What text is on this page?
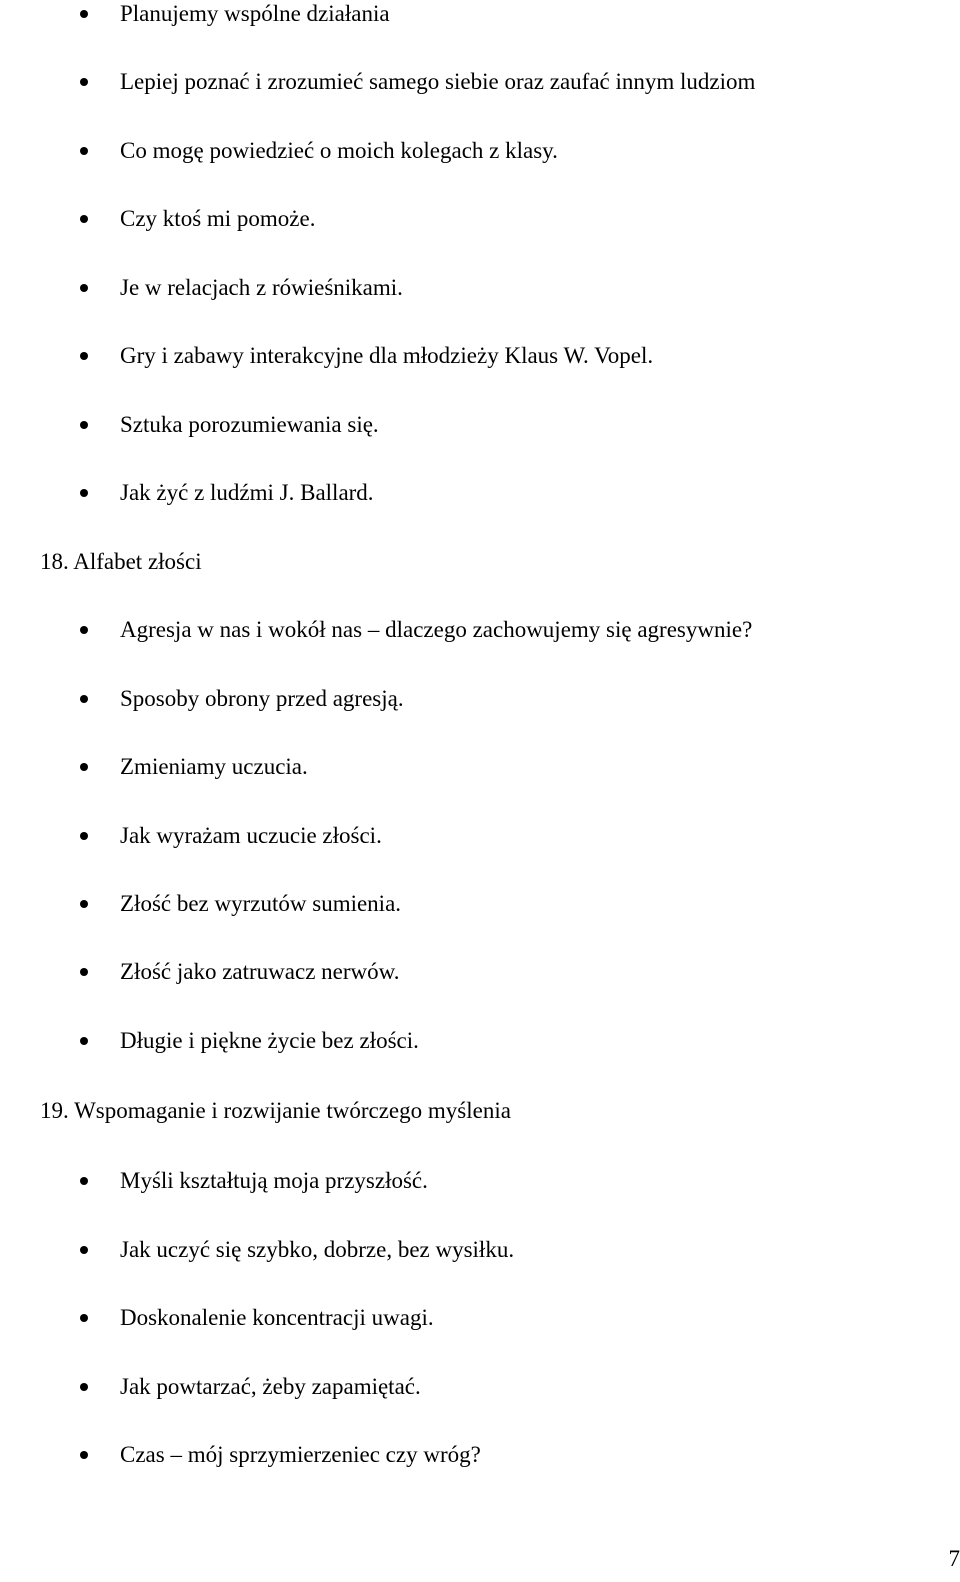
Planujemy wspólne działania
Lepiej poznać i zrozumieć samego siebie oraz zaufać innym ludziom
Co mogę powiedzieć o moich kolegach z klasy.
Czy ktoś mi pomoże.
Je w relacjach z rówieśnikami.
Gry i zabawy interakcyjne dla młodzieży Klaus W. Vopel.
Sztuka porozumiewania się.
Jak żyć z ludźmi J. Ballard.
18. Alfabet złości
Agresja w nas i wokół nas – dlaczego zachowujemy się agresywnie?
Sposoby obrony przed agresją.
Zmieniamy uczucia.
Jak wyrażam uczucie złości.
Złość bez wyrzutów sumienia.
Złość jako zatruwacz nerwów.
Długie i piękne życie bez złości.
19. Wspomaganie i rozwijanie twórczego myślenia
Myśli kształtują moja przyszłość.
Jak uczyć się szybko, dobrze, bez wysiłku.
Doskonalenie koncentracji uwagi.
Jak powtarzać, żeby zapamiętać.
Czas – mój sprzymierzeniec czy wróg?
7
